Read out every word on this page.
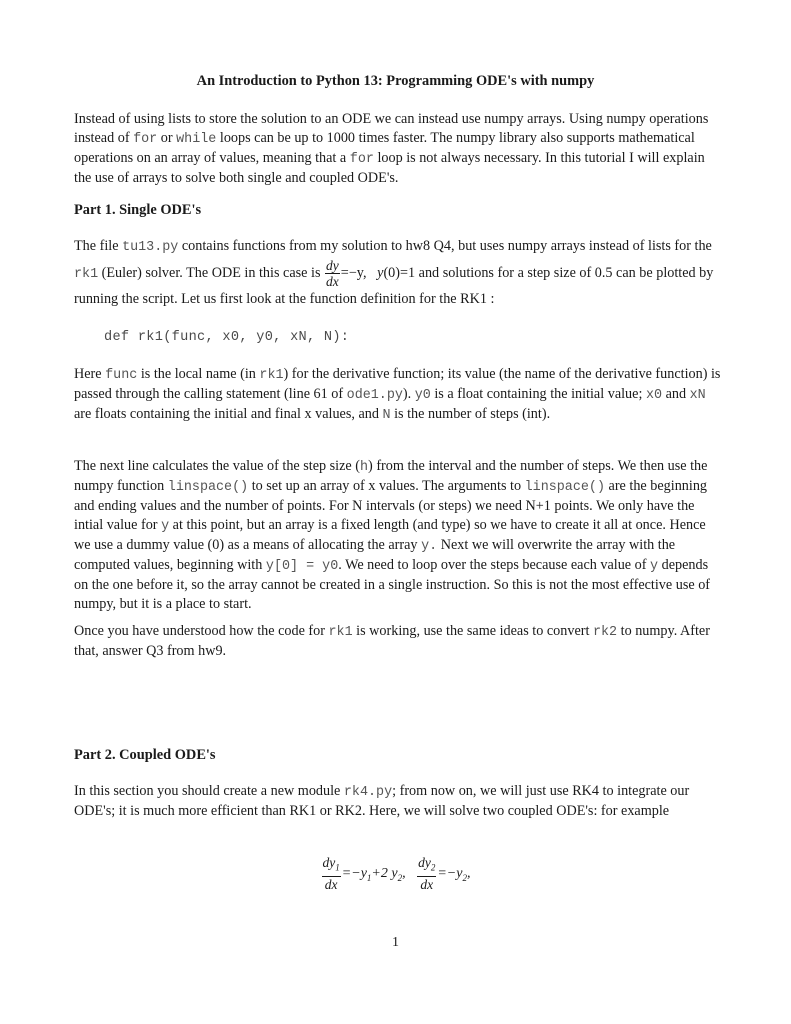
An Introduction to Python 13: Programming ODE's with numpy

Instead of using lists to store the solution to an ODE we can instead use numpy arrays. Using numpy operations instead of for or while loops can be up to 1000 times faster. The numpy library also supports mathematical operations on an array of values, meaning that a for loop is not always necessary. In this tutorial I will explain the use of arrays to solve both single and coupled ODE's.

Part 1. Single ODE's

The file tu13.py contains functions from my solution to hw8 Q4, but uses numpy arrays instead of lists for the rk1 (Euler) solver. The ODE in this case is $\frac{dy}{dx} =-y$, y(0)=1 and solutions for a step size of 0.5 can be plotted by running the script. Let us first look at the function definition for the RK1 :

def rk1(func, x0, y0, xN, N):

Here func is the local name (in rk1) for the derivative function; its value (the name of the derivative function) is passed through the calling statement (line 61 of ode1.py). y0 is a float containing the initial value; x0 and xN are floats containing the initial and final x values, and N is the number of steps (int).

The next line calculates the value of the step size (h) from the interval and the number of steps. We then use the numpy function linspace() to set up an array of x values. The arguments to linspace() are the beginning and ending values and the number of points. For N intervals (or steps) we need N+1 points. We only have the intial value for y at this point, but an array is a fixed length (and type) so we have to create it all at once. Hence we use a dummy value (0) as a means of allocating the array y. Next we will overwrite the array with the computed values, beginning with y[0] = y0. We need to loop over the steps because each value of y depends on the one before it, so the array cannot be created in a single instruction. So this is not the most effective use of numpy, but it is a place to start.

Once you have understood how the code for rk1 is working, use the same ideas to convert rk2 to numpy. After that, answer Q3 from hw9.

Part 2. Coupled ODE's

In this section you should create a new module rk4.py; from now on, we will just use RK4 to integrate our ODE's; it is much more efficient than RK1 or RK2. Here, we will solve two coupled ODE's: for example

$\frac{dy_1}{dx} =-y_1+2$ $y_2$, $\frac{dy_2}{dx} =-y_2$,
1
